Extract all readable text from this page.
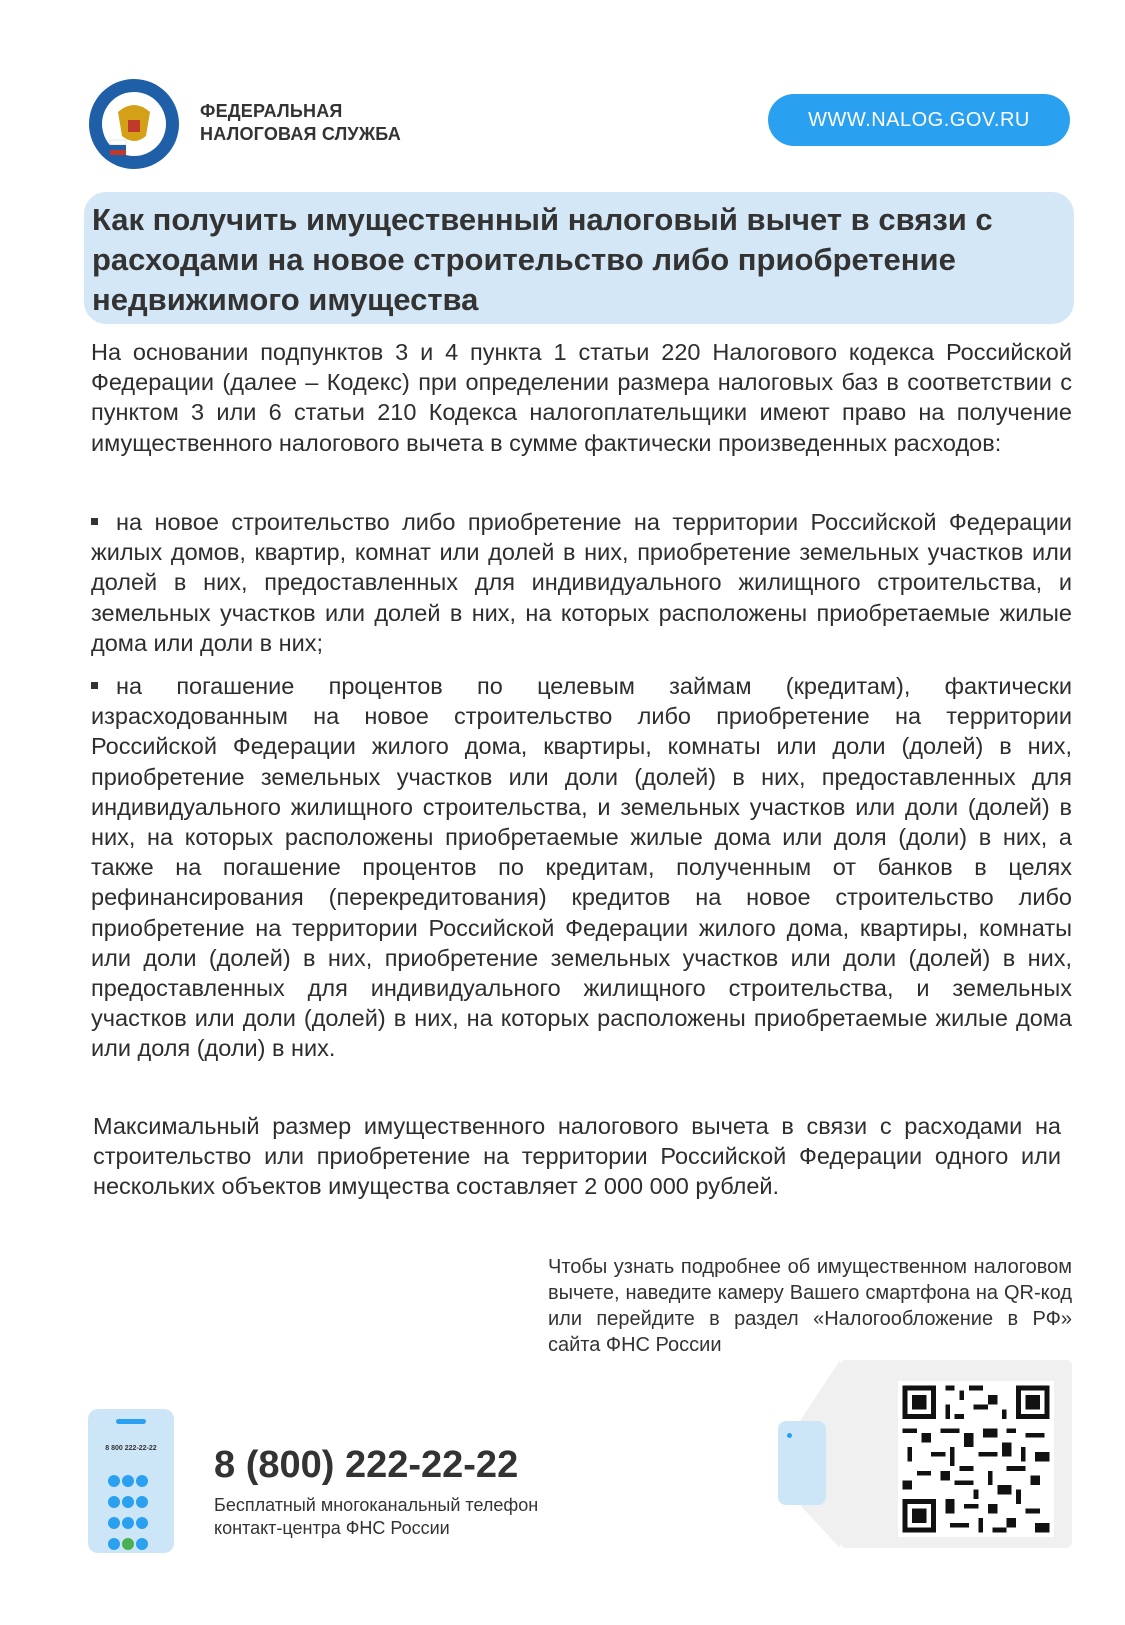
ФЕДЕРАЛЬНАЯ
НАЛОГОВАЯ СЛУЖБА
WWW.NALOG.GOV.RU
Как получить имущественный налоговый вычет в связи с расходами на новое строительство либо приобретение недвижимого имущества

На основании подпунктов 3 и 4 пункта 1 статьи 220 Налогового кодекса Российской Федерации (далее – Кодекс) при определении размера налоговых баз в соответствии с пунктом 3 или 6 статьи 210 Кодекса налогоплательщики имеют право на получение имущественного налогового вычета в сумме фактически произведенных расходов:

на новое строительство либо приобретение на территории Российской Федерации жилых домов, квартир, комнат или долей в них, приобретение земельных участков или долей в них, предоставленных для индивидуального жилищного строительства, и земельных участков или долей в них, на которых расположены приобретаемые жилые дома или доли в них;

на погашение процентов по целевым займам (кредитам), фактически израсходованным на новое строительство либо приобретение на территории Российской Федерации жилого дома, квартиры, комнаты или доли (долей) в них, приобретение земельных участков или доли (долей) в них, предоставленных для индивидуального жилищного строительства, и земельных участков или доли (долей) в них, на которых расположены приобретаемые жилые дома или доля (доли) в них, а также на погашение процентов по кредитам, полученным от банков в целях рефинансирования (перекредитования) кредитов на новое строительство либо приобретение на территории Российской Федерации жилого дома, квартиры, комнаты или доли (долей) в них, приобретение земельных участков или доли (долей) в них, предоставленных для индивидуального жилищного строительства, и земельных участков или доли (долей) в них, на которых расположены приобретаемые жилые дома или доля (доли) в них.

Максимальный размер имущественного налогового вычета в связи с расходами на строительство или приобретение на территории Российской Федерации одного или нескольких объектов имущества составляет 2 000 000 рублей.

Чтобы узнать подробнее об имущественном налоговом вычете, наведите камеру Вашего смартфона на QR-код или перейдите в раздел «Налогообложение в РФ» сайта ФНС России
8 800 222-22-22
	8 (800) 222-22-22
Бесплатный многоканальный телефон
контакт-центра ФНС России
